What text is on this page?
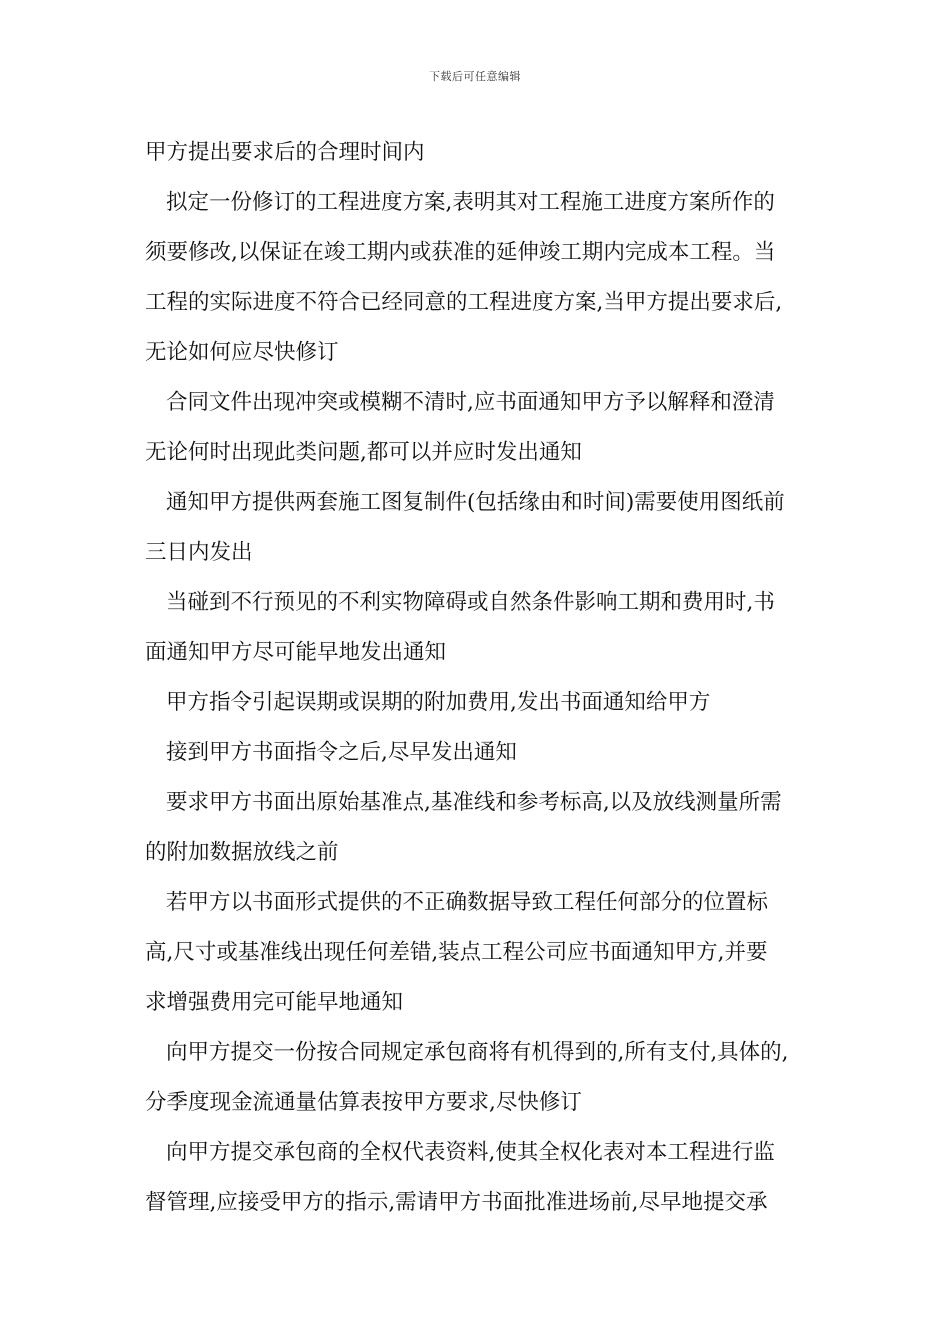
下载后可任意编辑
甲方提出要求后的合理时间内
拟定一份修订的工程进度方案,表明其对工程施工进度方案所作的
须要修改,以保证在竣工期内或获准的延伸竣工期内完成本工程。当
工程的实际进度不符合已经同意的工程进度方案,当甲方提出要求后,
无论如何应尽快修订
合同文件出现冲突或模糊不清时,应书面通知甲方予以解释和澄清
无论何时出现此类问题,都可以并应时发出通知
通知甲方提供两套施工图复制件(包括缘由和时间)需要使用图纸前
三日内发出
当碰到不行预见的不利实物障碍或自然条件影响工期和费用时,书
面通知甲方尽可能早地发出通知
甲方指令引起误期或误期的附加费用,发出书面通知给甲方
接到甲方书面指令之后,尽早发出通知
要求甲方书面出原始基准点,基准线和参考标高,以及放线测量所需
的附加数据放线之前
若甲方以书面形式提供的不正确数据导致工程任何部分的位置标
高,尺寸或基准线出现任何差错,装点工程公司应书面通知甲方,并要
求增强费用完可能早地通知
向甲方提交一份按合同规定承包商将有机得到的,所有支付,具体的,
分季度现金流通量估算表按甲方要求,尽快修订
向甲方提交承包商的全权代表资料,使其全权化表对本工程进行监
督管理,应接受甲方的指示,需请甲方书面批准进场前,尽早地提交承
